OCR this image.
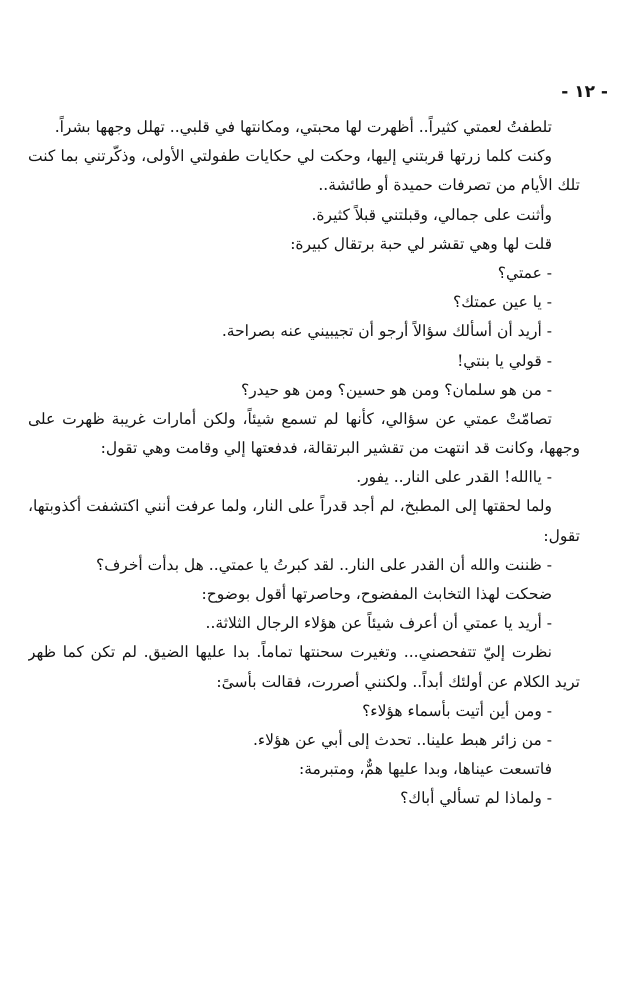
- ١٢ -
تلطفتُ لعمتي كثيراً.. أظهرت لها محبتي، ومكانتها في قلبي.. تهلل وجهها بشراً.
وكنت كلما زرتها قربتني إليها، وحكت لي حكايات طفولتي الأولى، وذكّرتني بما كنت
تلك الأيام من تصرفات حميدة أو طائشة..
وأثنت على جمالي، وقبلتني قبلاً كثيرة.
قلت لها وهي تقشر لي حبة برتقال كبيرة:
- عمتي؟
- يا عين عمتك؟
- أريد أن أسألك سؤالاً أرجو أن تجيبيني عنه بصراحة.
- قولي يا بنتي!
- من هو سلمان؟ ومن هو حسين؟ ومن هو حيدر؟
تصامّتْ عمتي عن سؤالي، كأنها لم تسمع شيئاً، ولكن أمارات غريبة ظهرت على
وجهها، وكانت قد انتهت من تقشير البرتقالة، فدفعتها إلي وقامت وهي تقول:
- ياالله! القدر على النار.. يفور.
ولما لحقتها إلى المطبخ، لم أجد قدراً على النار، ولما عرفت أنني اكتشفت أكذوبتها،
تقول:
- ظننت والله أن القدر على النار.. لقد كبرتُ يا عمتي.. هل بدأت أخرف؟
ضحكت لهذا التخابث المفضوح، وحاصرتها أقول بوضوح:
- أريد يا عمتي أن أعرف شيئاً عن هؤلاء الرجال الثلاثة..
نظرت إليّ تتفحصني... وتغيرت سحنتها تماماً. بدا عليها الضيق. لم تكن كما ظهر
تريد الكلام عن أولئك أبداً.. ولكنني أصررت، فقالت بأسىً:
- ومن أين أتيت بأسماء هؤلاء؟
- من زائر هبط علينا.. تحدث إلى أبي عن هؤلاء.
فاتسعت عيناها، وبدا عليها همٌّ، ومتبرمة:
- ولماذا لم تسألي أباك؟
